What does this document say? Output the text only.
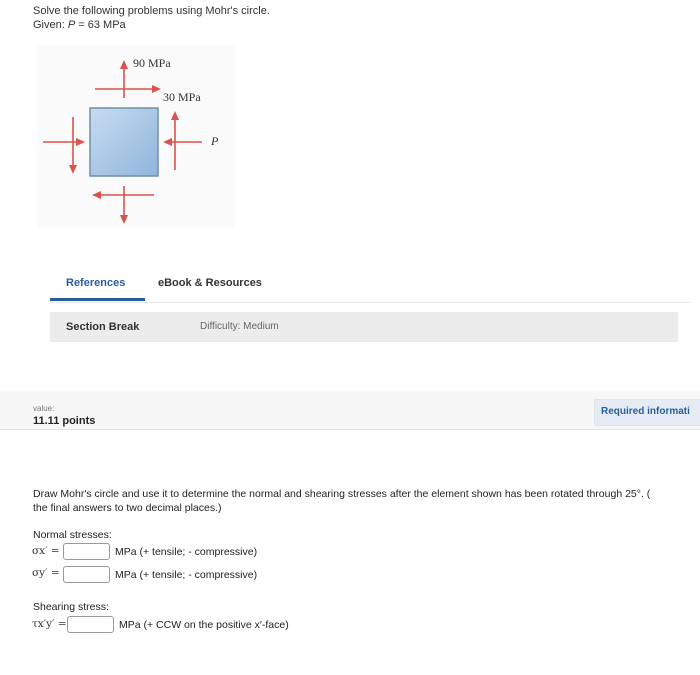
Solve the following problems using Mohr's circle.
Given: P = 63 MPa
90 MPa
30 MPa
P
References	eBook & Resources
Section Break	Difficulty: Medium
value:
11.11 points
Required informati
Draw Mohr's circle and use it to determine the normal and shearing stresses after the element shown has been rotated through 25°. (
the final answers to two decimal places.)
Normal stresses:
σx′ =	MPa (+ tensile; - compressive)
σy′ =	MPa (+ tensile; - compressive)
Shearing stress:
τx′y′ =	MPa (+ CCW on the positive x′-face)
